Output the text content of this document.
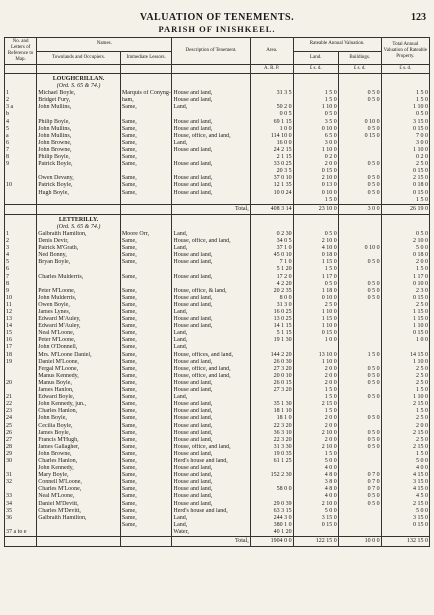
VALUATION OF TENEMENTS.	123
PARISH OF INISHKEEL.
No. and Letters of Reference to Map.	Names.		Description of Tenement.	Area.	Rateable Annual Valuation.		Total Annual Valuation of Rateable Property.
	Townlands and Occupiers.	Immediate Lessors.			Land.	Buildings.	
				A. R. P.	£ s. d.	£ s. d.	£ s. d.
	LOUGHCRILLAN.						
	(Ord. S. 65 & 74.)						
1	Michael Boyle,	Marquis of Conyng-	House and land,	31 3 5	1 5 0	0 5 0	1 5 0
2	Bridget Fury,	ham,	House and land,		1 5 0	0 5 0	1 5 0
3 a	John Mullins,	Same,	Land,	50 2 0	1 10 0		1 10 0
b				0 0 5	0 5 0		0 5 0
4	Philip Boyle,	Same,	House and land,	69 1 15	3 5 0	0 10 0	3 15 0
5	John Mullins,	Same,	House and land,	1 0 0	0 10 0	0 5 0	0 15 0
a	John Mullins,	Same,	House, office, and land,	114 10 0	6 5 0	0 15 0	7 0 0
6	John Browne,	Same,	Land,	16 0 0	3 0 0		3 0 0
7	John Browne,	Same,	House and land,	24 2 15	1 10 0		1 10 0
8	Philip Boyle,	Same,		2 1 15	0 2 0		0 2 0
9	Patrick Boyle,	Same,	House and land,	33 0 25	2 0 0	0 5 0	2 5 0
				20 3 5	0 15 0		0 15 0
	Owen Devany,	Same,	House and land,	37 0 10	2 10 0	0 5 0	2 15 0
10	Patrick Boyle,	Same,	House and land,	12 1 35	0 13 0	0 5 0	0 18 0
	Hugh Boyle,	Same,	House and land,	10 0 24	0 10 0	0 5 0	0 15 0
					1 5 0		1 5 0
			Total,	408 3 14	23 10 0	3 0 0	26 19 0
	LETTERILLY.						
	(Ord. S. 65 & 74.)						
1	Galbraith Hamilton,	Moore Orr,	Land,	0 2 30	0 5 0		0 5 0
2	Denis Devir,	Same,	House, office, and land,	34 0 5	2 10 0		2 10 0
3	Patrick M'Grath,	Same,	Land,	37 1 0	4 10 0	0 10 0	5 0 0
4	Ned Bonny,	Same,	House and land,	45 0 10	0 18 0		0 18 0
5	Bryan Boyle,	Same,	House and land,	7 1 0	1 15 0	0 5 0	2 0 0
6				5 1 20	1 5 0		1 5 0
7	Charles Mulderris,	Same,	House and land,	17 2 0	1 17 0		1 17 0
8				4 2 20	0 5 0	0 5 0	0 10 0
9	Peter M'Loone,	Same,	House, office, & land,	20 2 35	1 18 0	0 5 0	2 3 0
10	John Mulderris,	Same,	House and land,	8 0 0	0 10 0	0 5 0	0 15 0
11	Owen Boyle,	Same,	House and land,	31 3 0	2 5 0		2 5 0
12	James Lynes,	Same,	Land,	16 0 25	1 10 0		1 15 0
13	Edward M'Auley,	Same,	House and land,	13 0 25	1 15 0		1 15 0
14	Edward M'Auley,	Same,	House and land,	14 1 15	1 10 0		1 10 0
15	Neal M'Loone,	Same,	Land,	5 1 15	0 15 0		0 15 0
16	Peter M'Loone,	Same,	Land,	19 1 30	1 0 0		1 0 0
17	John O'Donnell,	Same,	Land,				
18	Mrs. M'Loone Daniel,	Same,	House, offices, and land,	144 2 20	13 10 0	1 5 0	14 15 0
19	Daniel M'Loone,	Same,	House and land,	26 0 30	1 10 0		1 10 0
	Fergal M'Loone,	Same,	House, office, and land,	27 3 20	2 0 0	0 5 0	2 5 0
	Manus Kennedy,	Same,	House, office, and land,	20 0 10	2 0 0	0 5 0	2 5 0
20	Manus Boyle,	Same,	House and land,	26 0 15	2 0 0	0 5 0	2 5 0
	James Hanlon,	Same,	House and land,	27 3 20	1 5 0		1 5 0
21	Edward Boyle,	Same,	Land,		1 5 0	0 5 0	1 10 0
22	John Kennedy, jun.,	Same,	House and land,	35 1 30	2 15 0		2 15 0
23	Charles Hanlon,	Same,	House and land,	18 1 10	1 5 0		1 5 0
24	John Boyle,	Same,	House and land,	18 1 0	2 0 0	0 5 0	2 5 0
25	Cecilia Boyle,	Same,	House and land,	22 3 20	2 0 0		2 0 0
26	James Boyle,	Same,	House and land,	36 3 10	2 10 0	0 5 0	2 15 0
27	Francis M'Hugh,	Same,	House and land,	22 3 20	2 0 0	0 5 0	2 5 0
28	James Gallagher,	Same,	House, office, and land,	31 3 30	2 10 0	0 5 0	2 15 0
29	John Browne,	Same,	House and land,	19 0 35	1 5 0		1 5 0
30	Charles Hanlon,	Same,	Herd's house and land,	61 1 25	5 0 0		5 0 0
	John Kennedy,	Same,	House and land,		4 0 0		4 0 0
31	Mary Boyle,	Same,	House and land,	152 2 30	4 8 0	0 7 0	4 15 0
32	Connell M'Loone,	Same,	House and land,		3 8 0	0 7 0	3 15 0
	Charles M'Loone,	Same,	House and land,	58 0 0	4 8 0	0 7 0	4 15 0
33	Neal M'Loone,	Same,	House and land,		4 0 0	0 5 0	4 5 0
34	Daniel M'Devitt,	Same,	House and land,	29 0 39	2 10 0	0 5 0	2 15 0
35	Charles M'Devitt,	Same,	Herd's house and land,	63 3 15	5 0 0		5 0 0
36	Galbraith Hamilton,	Same,	Land,	244 3 0	3 15 0		3 15 0
		Same,	Land,	380 1 0	0 15 0		0 15 0
37 a to e			Water,	40 1 20			
			Total,	1904 0 0	122 15 0	10 0 0	132 15 0
